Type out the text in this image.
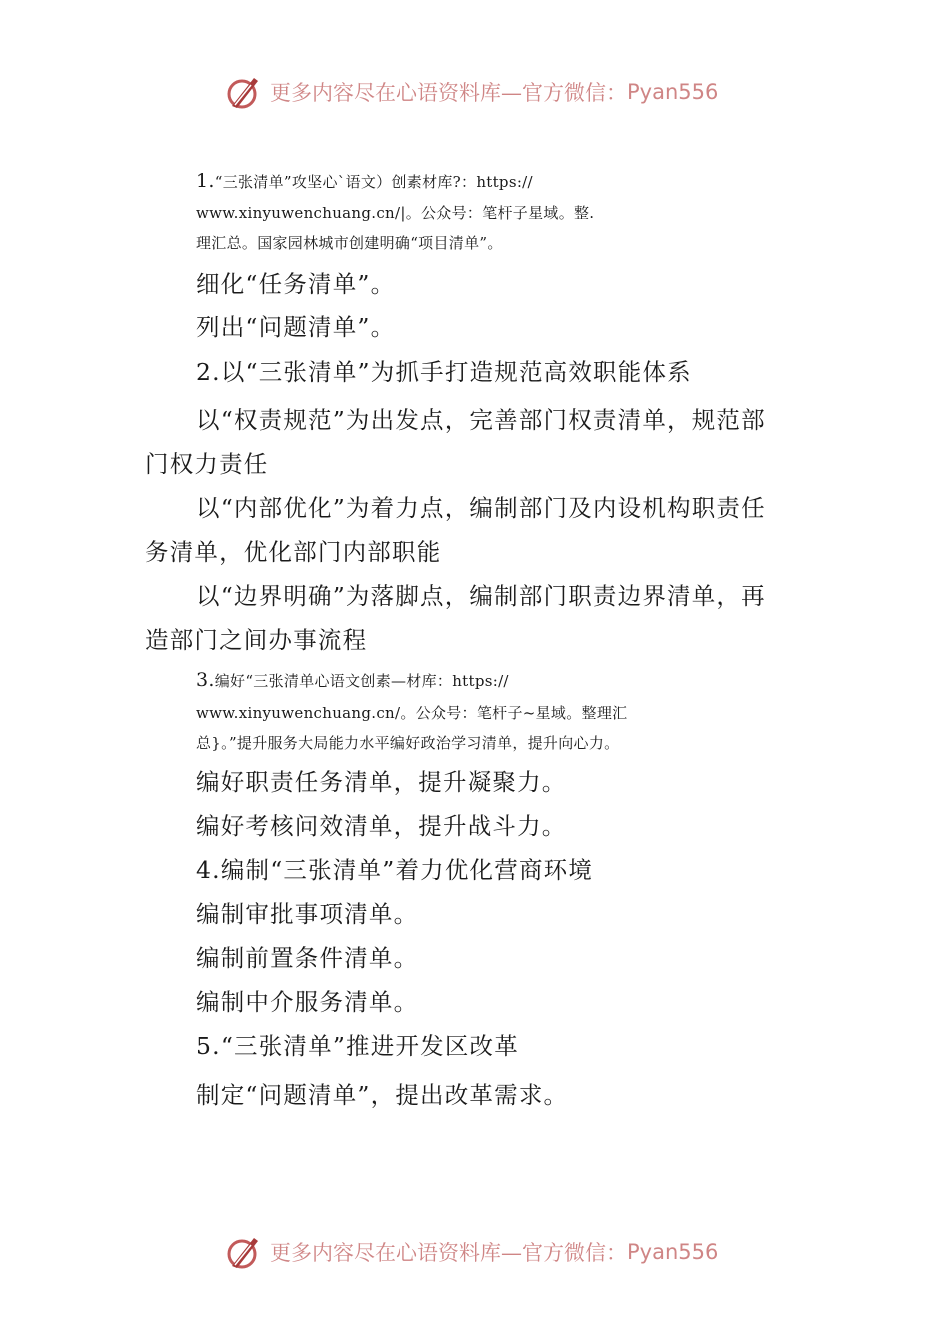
更多内容尽在心语资料库—官方微信： Pyan556
1.“三张清单”攻坚心`语文）创素材库?：https://
www.xinyuwenchuang.cn/|。公众号：笔杆子星域。整.
理汇总。国家园林城市创建明确“项目清单”。
细化“任务清单”。
列出“问题清单”。
2.以“三张清单”为抓手打造规范高效职能体系
以“权责规范”为出发点，完善部门权责清单，规范部
门权力责任
以“内部优化”为着力点，编制部门及内设机构职责任
务清单，优化部门内部职能
以“边界明确”为落脚点，编制部门职责边界清单，再
造部门之间办事流程
3.编好“三张清单心语文创素—材库：https://
www.xinyuwenchuang.cn/。公众号：笔杆子~星域。整理汇
总}。”提升服务大局能力水平编好政治学习清单，提升向心力。
编好职责任务清单，提升凝聚力。
编好考核问效清单，提升战斗力。
4.编制“三张清单”着力优化营商环境
编制审批事项清单。
编制前置条件清单。
编制中介服务清单。
5.“三张清单”推进开发区改革
制定“问题清单”，提出改革需求。
更多内容尽在心语资料库—官方微信： Pyan556
